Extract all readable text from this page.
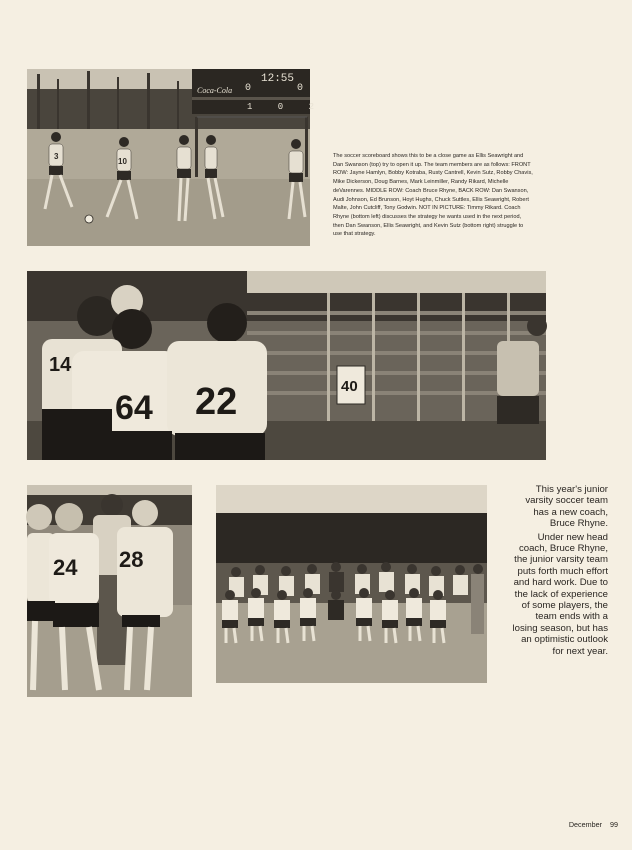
Coca-Cola
12:55
0	0
1 0 2
3
10
The soccer scoreboard shows this to be a close game as Ellis Seawright and Dan Swanson (top) try to open it up. The team members are as follows: FRONT ROW: Jayne Hamlyn, Bobby Kotraba, Rusty Cantrell, Kevin Sutz, Robby Chavis, Mike Dickerson, Doug Barnes, Mark Leinmiller, Randy Rikard, Michelle deVarennes. MIDDLE ROW: Coach Bruce Rhyne, BACK ROW: Dan Swanson, Audi Johnson, Ed Brunson, Hoyt Hughs, Chuck Suttles, Ellis Seawright, Robert Malte, John Cutcliff, Tony Godwin. NOT IN PICTURE: Timmy Rikard. Coach Rhyne (bottom left) discusses the strategy he wants used in the next period, then Dan Swanson, Ellis Seawright, and Kevin Sutz (bottom right) struggle to use that strategy.
40
14
64 22
24 28

This year's junior varsity soccer team has a new coach, Bruce Rhyne.

Under new head coach, Bruce Rhyne, the junior varsity team puts forth much effort and hard work. Due to the lack of experience of some players, the team ends with a losing season, but has an optimistic outlook for next year.

December 99
